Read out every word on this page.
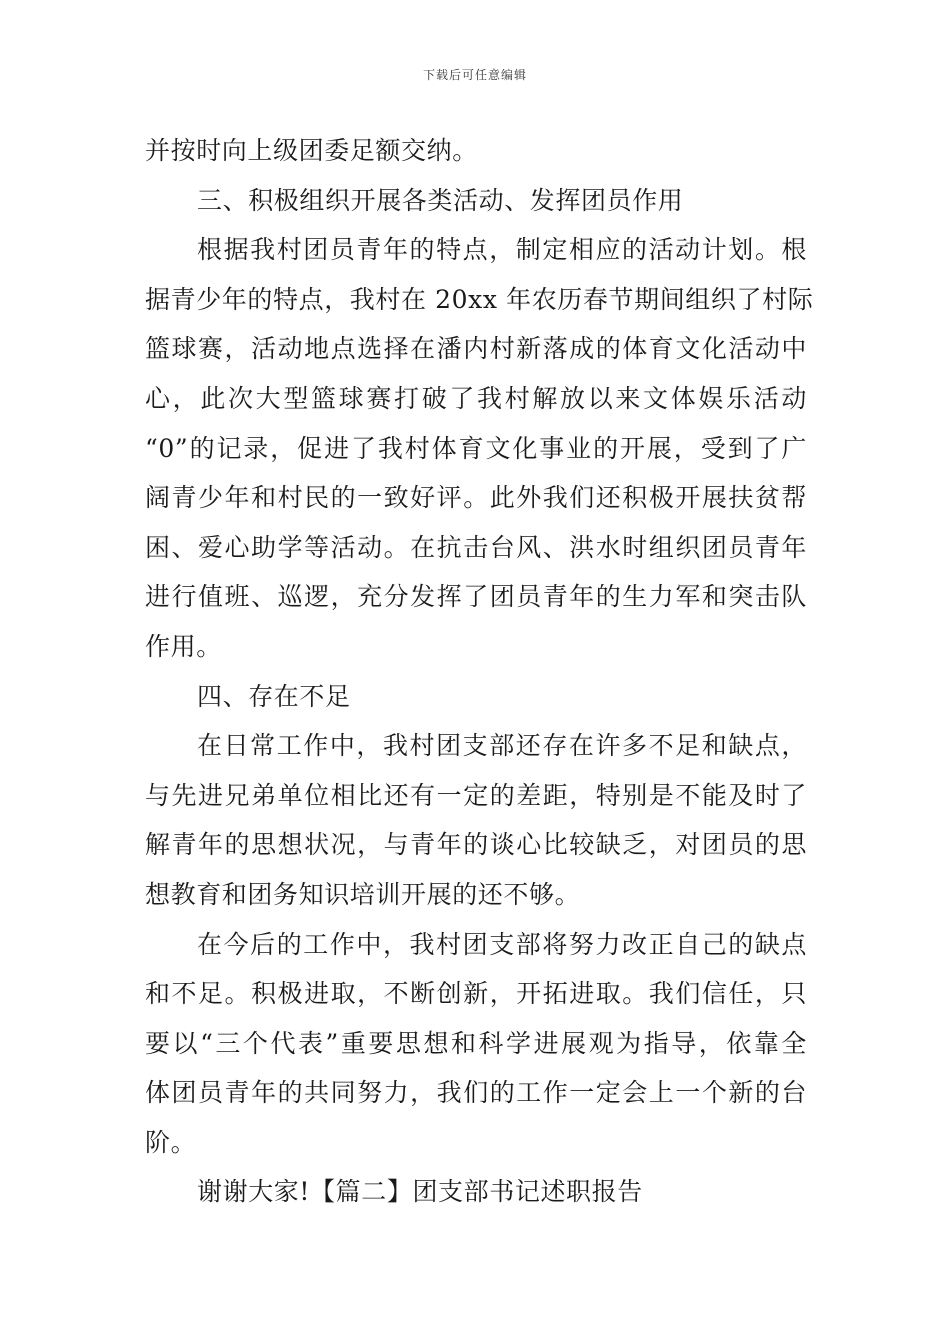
下载后可任意编辑
并按时向上级团委足额交纳。
三、积极组织开展各类活动、发挥团员作用
根据我村团员青年的特点，制定相应的活动计划。根
据青少年的特点，我村在 20xx 年农历春节期间组织了村际
篮球赛，活动地点选择在潘内村新落成的体育文化活动中
心，此次大型篮球赛打破了我村解放以来文体娱乐活动
“0”的记录，促进了我村体育文化事业的开展，受到了广
阔青少年和村民的一致好评。此外我们还积极开展扶贫帮
困、爱心助学等活动。在抗击台风、洪水时组织团员青年
进行值班、巡逻，充分发挥了团员青年的生力军和突击队
作用。
四、存在不足
在日常工作中，我村团支部还存在许多不足和缺点，
与先进兄弟单位相比还有一定的差距，特别是不能及时了
解青年的思想状况，与青年的谈心比较缺乏，对团员的思
想教育和团务知识培训开展的还不够。
在今后的工作中，我村团支部将努力改正自己的缺点
和不足。积极进取，不断创新，开拓进取。我们信任，只
要以“三个代表”重要思想和科学进展观为指导，依靠全
体团员青年的共同努力，我们的工作一定会上一个新的台
阶。
谢谢大家!【篇二】团支部书记述职报告
